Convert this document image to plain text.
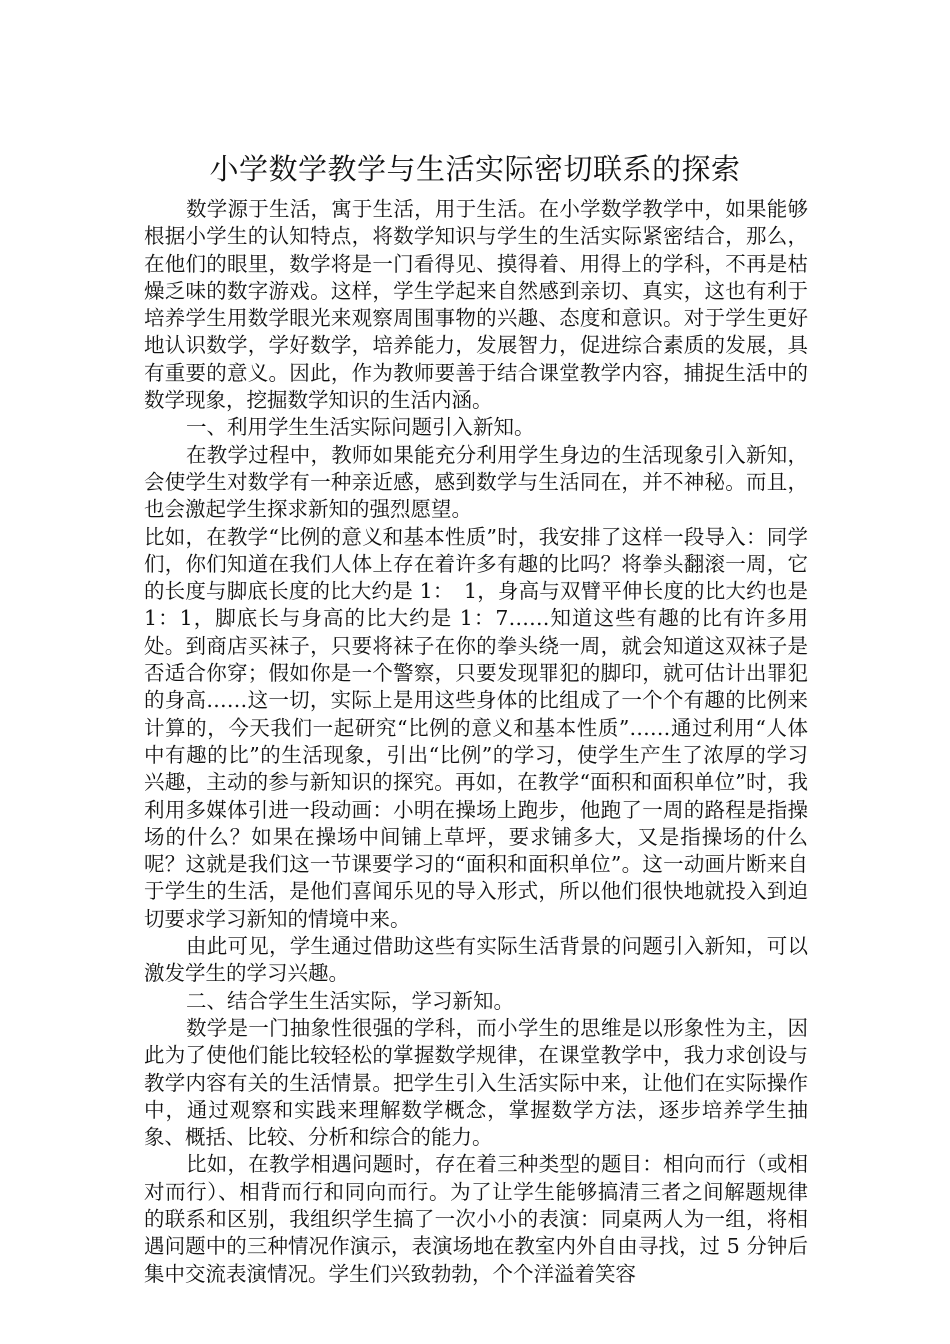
小学数学教学与生活实际密切联系的探索

数学源于生活，寓于生活，用于生活。在小学数学教学中，如果能够根据小学生的认知特点，将数学知识与学生的生活实际紧密结合，那么，在他们的眼里，数学将是一门看得见、摸得着、用得上的学科，不再是枯燥乏味的数字游戏。这样，学生学起来自然感到亲切、真实，这也有利于培养学生用数学眼光来观察周围事物的兴趣、态度和意识。对于学生更好地认识数学，学好数学，培养能力，发展智力，促进综合素质的发展，具有重要的意义。因此，作为教师要善于结合课堂教学内容，捕捉生活中的数学现象，挖掘数学知识的生活内涵。

一、利用学生生活实际问题引入新知。

在教学过程中，教师如果能充分利用学生身边的生活现象引入新知，会使学生对数学有一种亲近感，感到数学与生活同在，并不神秘。而且，也会激起学生探求新知的强烈愿望。

比如，在教学“比例的意义和基本性质”时，我安排了这样一段导入：同学们，你们知道在我们人体上存在着许多有趣的比吗？将拳头翻滚一周，它的长度与脚底长度的比大约是 1：　1，身高与双臂平伸长度的比大约也是 1：1，脚底长与身高的比大约是 1：7……知道这些有趣的比有许多用处。到商店买袜子，只要将袜子在你的拳头绕一周，就会知道这双袜子是否适合你穿；假如你是一个警察，只要发现罪犯的脚印，就可估计出罪犯的身高……这一切，实际上是用这些身体的比组成了一个个有趣的比例来计算的，今天我们一起研究“比例的意义和基本性质”……通过利用“人体中有趣的比”的生活现象，引出“比例”的学习，使学生产生了浓厚的学习兴趣，主动的参与新知识的探究。再如，在教学“面积和面积单位”时，我利用多媒体引进一段动画：小明在操场上跑步，他跑了一周的路程是指操场的什么？如果在操场中间铺上草坪，要求铺多大，又是指操场的什么呢？这就是我们这一节课要学习的“面积和面积单位”。这一动画片断来自于学生的生活，是他们喜闻乐见的导入形式，所以他们很快地就投入到迫切要求学习新知的情境中来。

由此可见，学生通过借助这些有实际生活背景的问题引入新知，可以激发学生的学习兴趣。

二、结合学生生活实际，学习新知。

数学是一门抽象性很强的学科，而小学生的思维是以形象性为主，因此为了使他们能比较轻松的掌握数学规律，在课堂教学中，我力求创设与教学内容有关的生活情景。把学生引入生活实际中来，让他们在实际操作中，通过观察和实践来理解数学概念，掌握数学方法，逐步培养学生抽象、概括、比较、分析和综合的能力。

比如，在教学相遇问题时，存在着三种类型的题目：相向而行（或相对而行）、相背而行和同向而行。为了让学生能够搞清三者之间解题规律的联系和区别，我组织学生搞了一次小小的表演：同桌两人为一组，将相遇问题中的三种情况作演示，表演场地在教室内外自由寻找，过 5 分钟后集中交流表演情况。学生们兴致勃勃，个个洋溢着笑容
